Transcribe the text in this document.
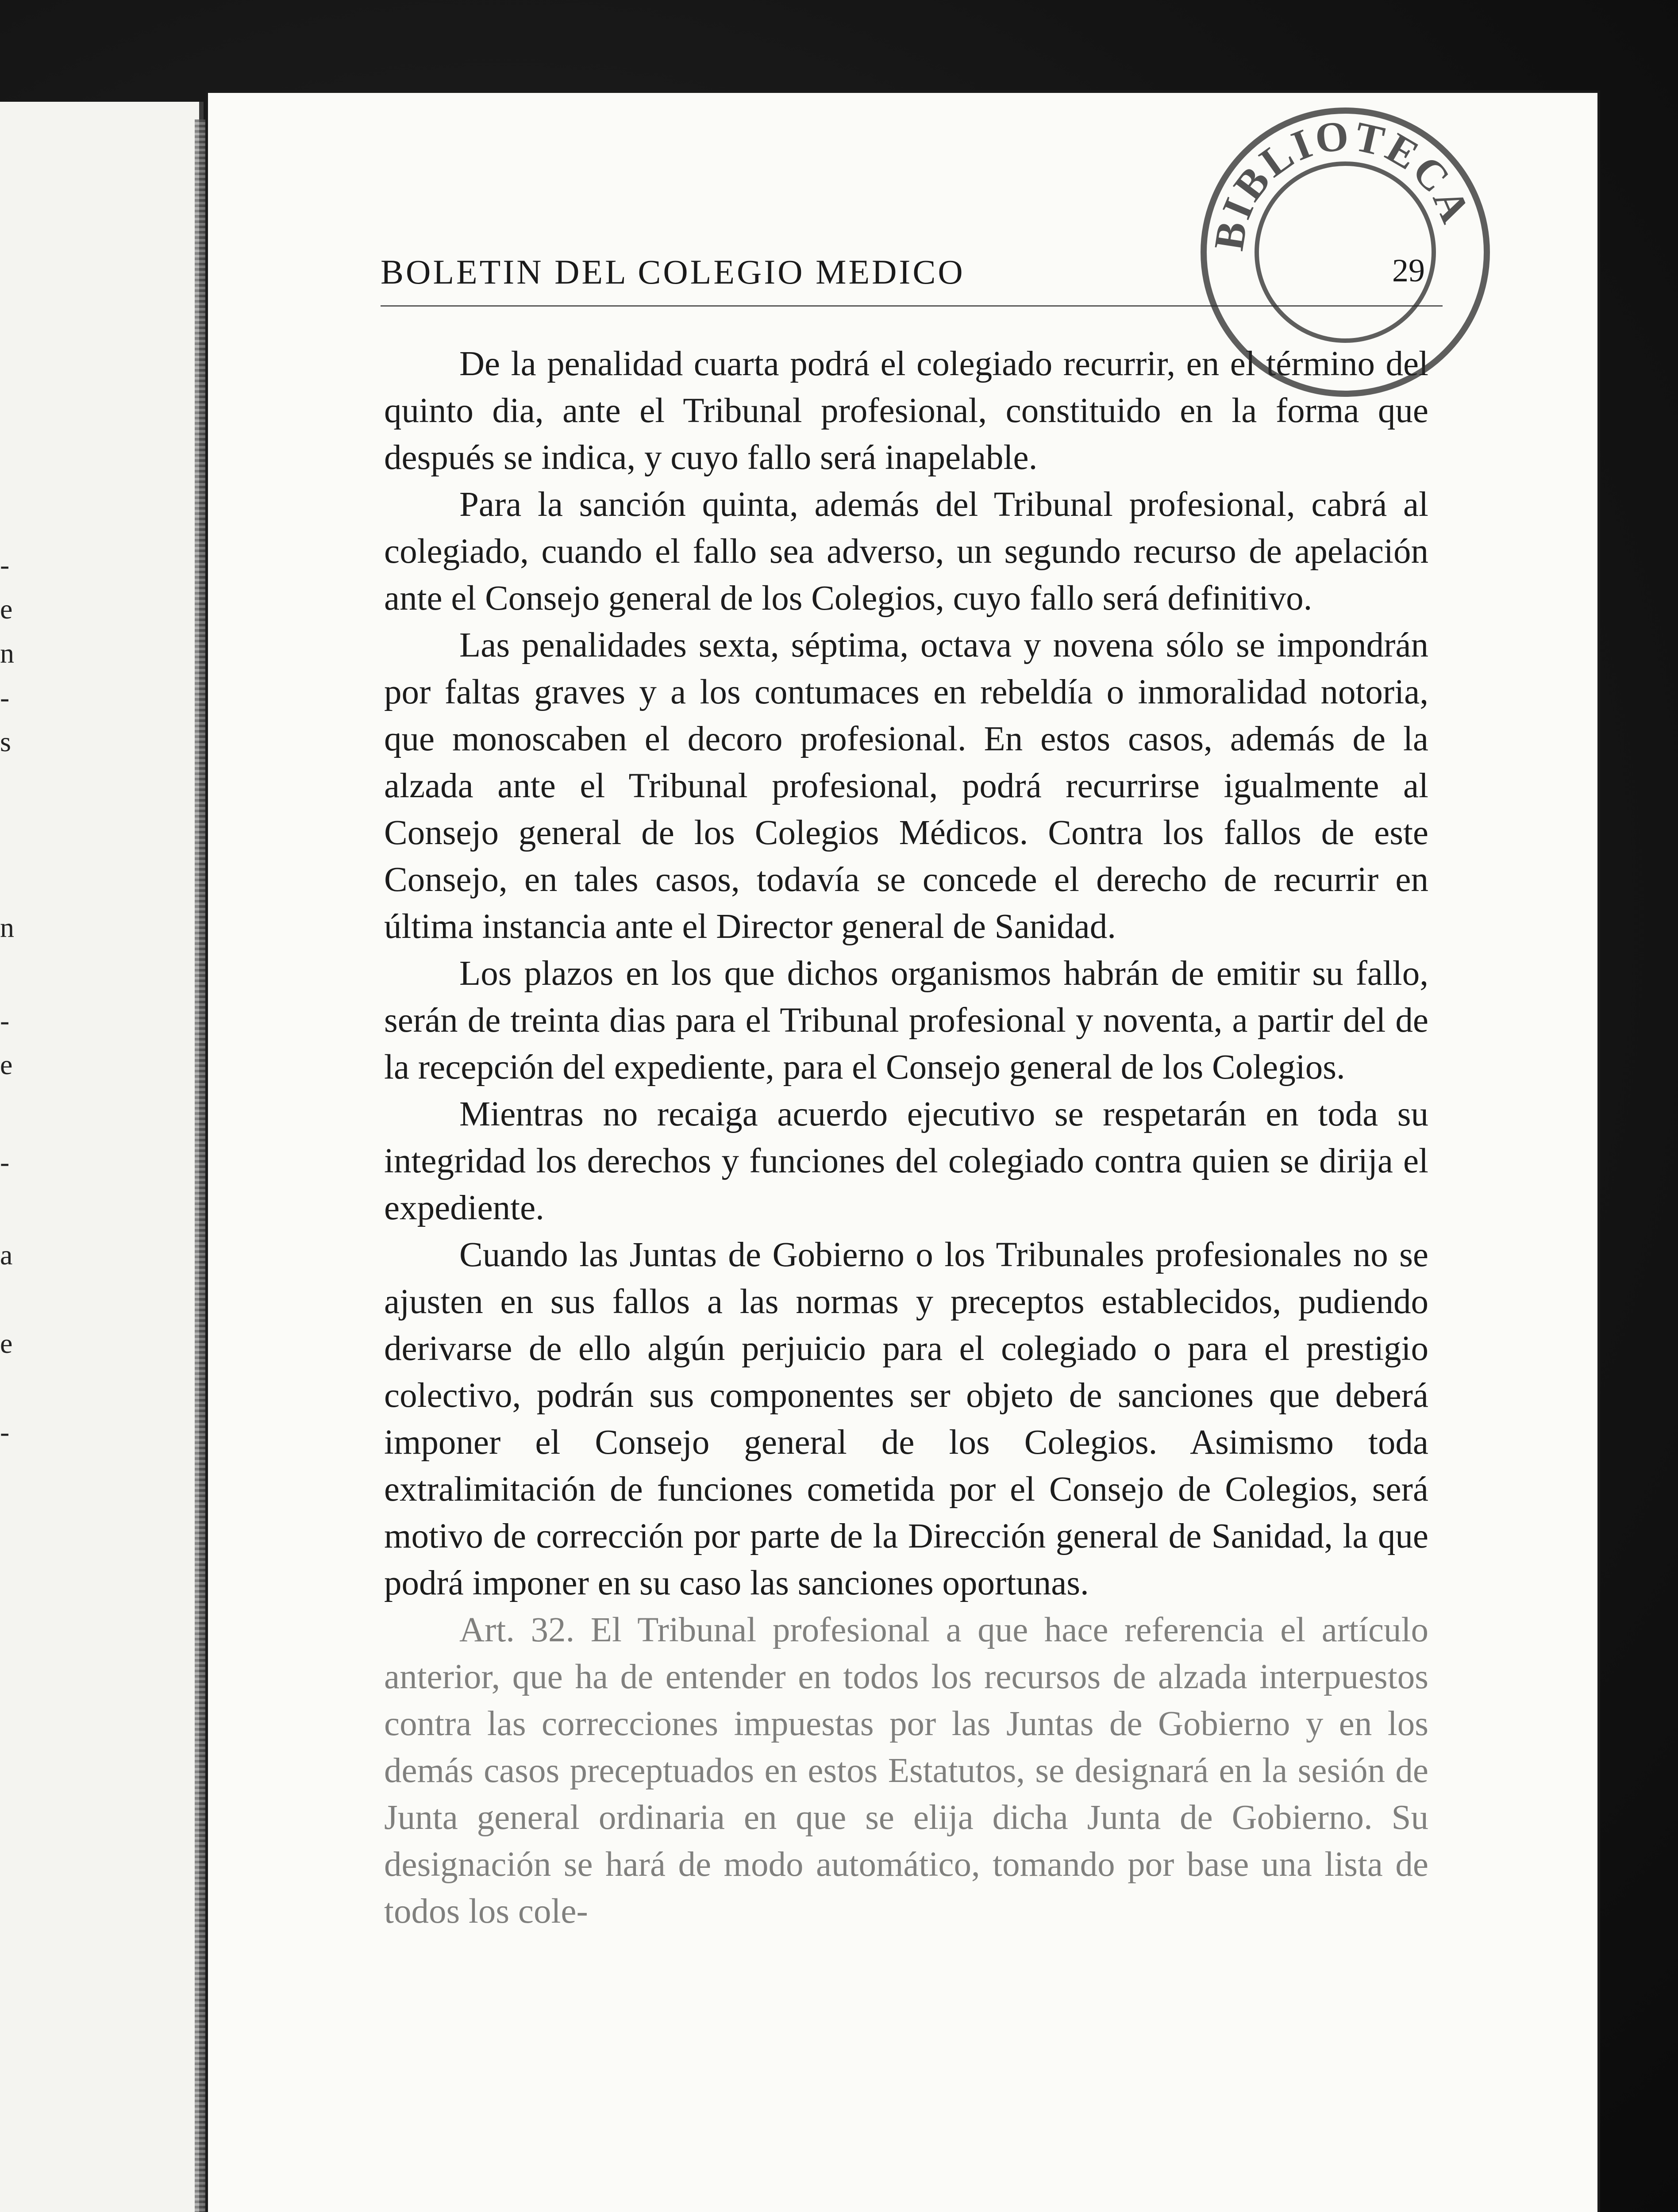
-
e
n
-
s
n
-
e
-
a
e
-
BOLETIN DEL COLEGIO MEDICO	29

De la penalidad cuarta podrá el colegiado recurrir, en el término del quinto dia, ante el Tribunal profesional, constituido en la forma que después se indica, y cuyo fallo será inapelable.

Para la sanción quinta, además del Tribunal profesional, cabrá al colegiado, cuando el fallo sea adverso, un segundo recurso de apelación ante el Consejo general de los Colegios, cuyo fallo será definitivo.

Las penalidades sexta, séptima, octava y novena sólo se impondrán por faltas graves y a los contumaces en rebeldía o inmoralidad notoria, que monoscaben el decoro profesional. En estos casos, además de la alzada ante el Tribunal profesional, podrá recurrirse igualmente al Consejo general de los Colegios Médicos. Contra los fallos de este Consejo, en tales casos, todavía se concede el derecho de recurrir en última instancia ante el Director general de Sanidad.

Los plazos en los que dichos organismos habrán de emitir su fallo, serán de treinta dias para el Tribunal profesional y noventa, a partir del de la recepción del expediente, para el Consejo general de los Colegios.

Mientras no recaiga acuerdo ejecutivo se respetarán en toda su integridad los derechos y funciones del colegiado contra quien se dirija el expediente.

Cuando las Juntas de Gobierno o los Tribunales profesionales no se ajusten en sus fallos a las normas y preceptos establecidos, pudiendo derivarse de ello algún perjuicio para el colegiado o para el prestigio colectivo, podrán sus componentes ser objeto de sanciones que deberá imponer el Consejo general de los Colegios. Asimismo toda extralimitación de funciones cometida por el Consejo de Colegios, será motivo de corrección por parte de la Dirección general de Sanidad, la que podrá imponer en su caso las sanciones oportunas.

Art. 32. El Tribunal profesional a que hace referencia el artículo anterior, que ha de entender en todos los recursos de alzada interpuestos contra las correcciones impuestas por las Juntas de Gobierno y en los demás casos preceptuados en estos Estatutos, se designará en la sesión de Junta general ordinaria en que se elija dicha Junta de Gobierno. Su designación se hará de modo automático, tomando por base una lista de todos los cole-

BIBLIOTECA
